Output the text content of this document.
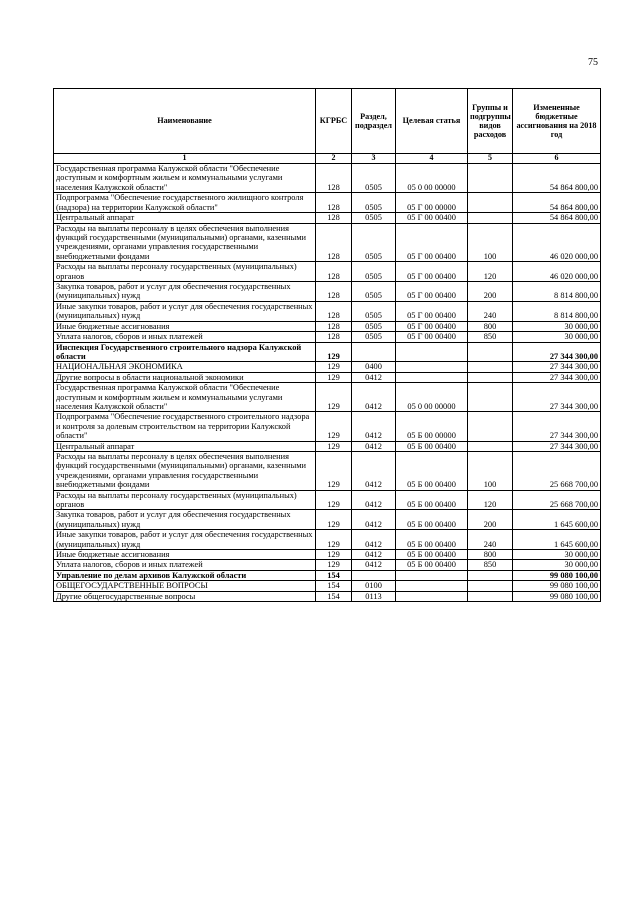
75
Наименование	КГРБС	Раздел, подраздел	Целевая статья	Группы и подгруппы видов расходов	Измененные бюджетные ассигнования на 2018 год
1	2	3	4	5	6
Государственная программа Калужской области "Обеспечение доступным и комфортным жильем и коммунальными услугами населения Калужской области"	128	0505	05 0 00 00000		54 864 800,00
Подпрограмма "Обеспечение государственного жилищного контроля (надзора) на территории Калужской области"	128	0505	05 Г 00 00000		54 864 800,00
Центральный аппарат	128	0505	05 Г 00 00400		54 864 800,00
Расходы на выплаты персоналу в целях обеспечения выполнения функций государственными (муниципальными) органами, казенными учреждениями, органами управления государственными внебюджетными фондами	128	0505	05 Г 00 00400	100	46 020 000,00
Расходы на выплаты персоналу государственных (муниципальных) органов	128	0505	05 Г 00 00400	120	46 020 000,00
Закупка товаров, работ и услуг для обеспечения государственных (муниципальных) нужд	128	0505	05 Г 00 00400	200	8 814 800,00
Иные закупки товаров, работ и услуг для обеспечения государственных (муниципальных) нужд	128	0505	05 Г 00 00400	240	8 814 800,00
Иные бюджетные ассигнования	128	0505	05 Г 00 00400	800	30 000,00
Уплата налогов, сборов и иных платежей	128	0505	05 Г 00 00400	850	30 000,00
Инспекция Государственного строительного надзора Калужской области	129				27 344 300,00
НАЦИОНАЛЬНАЯ ЭКОНОМИКА	129	0400			27 344 300,00
Другие вопросы в области национальной экономики	129	0412			27 344 300,00
Государственная программа Калужской области "Обеспечение доступным и комфортным жильем и коммунальными услугами населения Калужской области"	129	0412	05 0 00 00000		27 344 300,00
Подпрограмма "Обеспечение государственного строительного надзора и контроля за долевым строительством на территории Калужской области"	129	0412	05 Б 00 00000		27 344 300,00
Центральный аппарат	129	0412	05 Б 00 00400		27 344 300,00
Расходы на выплаты персоналу в целях обеспечения выполнения функций государственными (муниципальными) органами, казенными учреждениями, органами управления государственными внебюджетными фондами	129	0412	05 Б 00 00400	100	25 668 700,00
Расходы на выплаты персоналу государственных (муниципальных) органов	129	0412	05 Б 00 00400	120	25 668 700,00
Закупка товаров, работ и услуг для обеспечения государственных (муниципальных) нужд	129	0412	05 Б 00 00400	200	1 645 600,00
Иные закупки товаров, работ и услуг для обеспечения государственных (муниципальных) нужд	129	0412	05 Б 00 00400	240	1 645 600,00
Иные бюджетные ассигнования	129	0412	05 Б 00 00400	800	30 000,00
Уплата налогов, сборов и иных платежей	129	0412	05 Б 00 00400	850	30 000,00
Управление по делам архивов Калужской области	154				99 080 100,00
ОБЩЕГОСУДАРСТВЕННЫЕ ВОПРОСЫ	154	0100			99 080 100,00
Другие общегосударственные вопросы	154	0113			99 080 100,00
